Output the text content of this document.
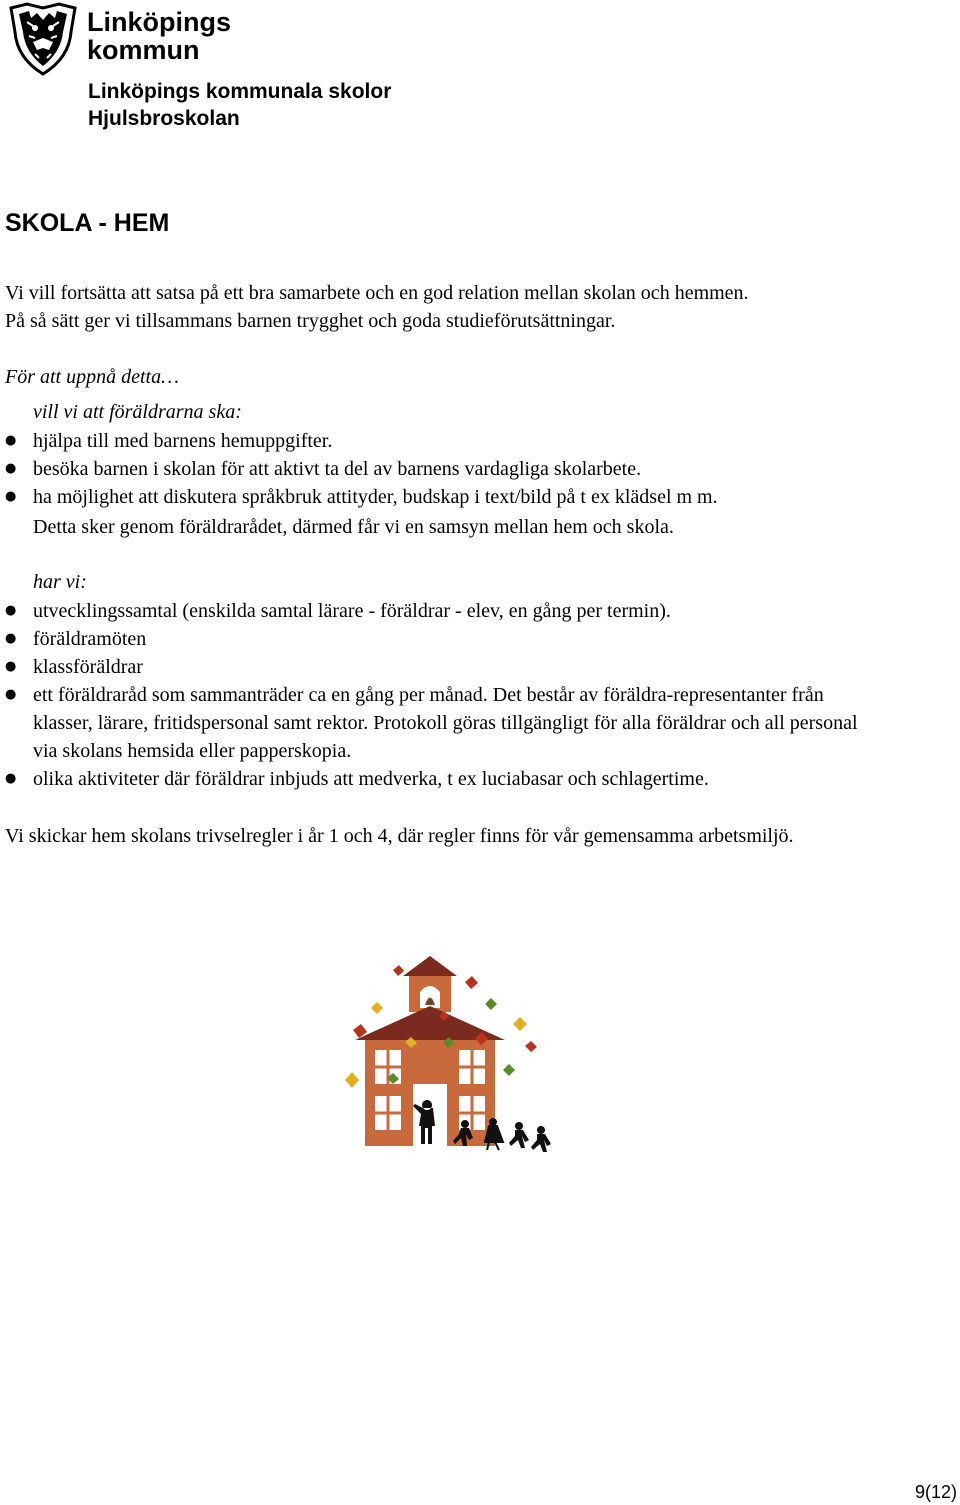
Linköpings
kommun
Linköpings kommunala skolor
Hjulsbroskolan
SKOLA - HEM
Vi vill fortsätta att satsa på ett bra samarbete och en god relation mellan skolan och hemmen.
På så sätt ger vi tillsammans barnen trygghet och goda studieförutsättningar.
För att uppnå detta…
vill vi att föräldrarna ska:
● hjälpa till med barnens hemuppgifter.
● besöka barnen i skolan för att aktivt ta del av barnens vardagliga skolarbete.
● ha möjlighet att diskutera språkbruk attityder, budskap i text/bild på t ex klädsel m m.
Detta sker genom föräldrarådet, därmed får vi en samsyn mellan hem och skola.
har vi:
● utvecklingssamtal (enskilda samtal lärare - föräldrar - elev, en gång per termin).
● föräldramöten
● klassföräldrar
● ett föräldraråd som sammanträder ca en gång per månad. Det består av föräldra-representanter från klasser, lärare, fritidspersonal samt rektor. Protokoll göras tillgängligt för alla föräldrar och all personal via skolans hemsida eller papperskopia.
● olika aktiviteter där föräldrar inbjuds att medverka, t ex luciabasar och schlagertime.
Vi skickar hem skolans trivselregler i år 1 och 4, där regler finns för vår gemensamma arbetsmiljö.
9(12)
